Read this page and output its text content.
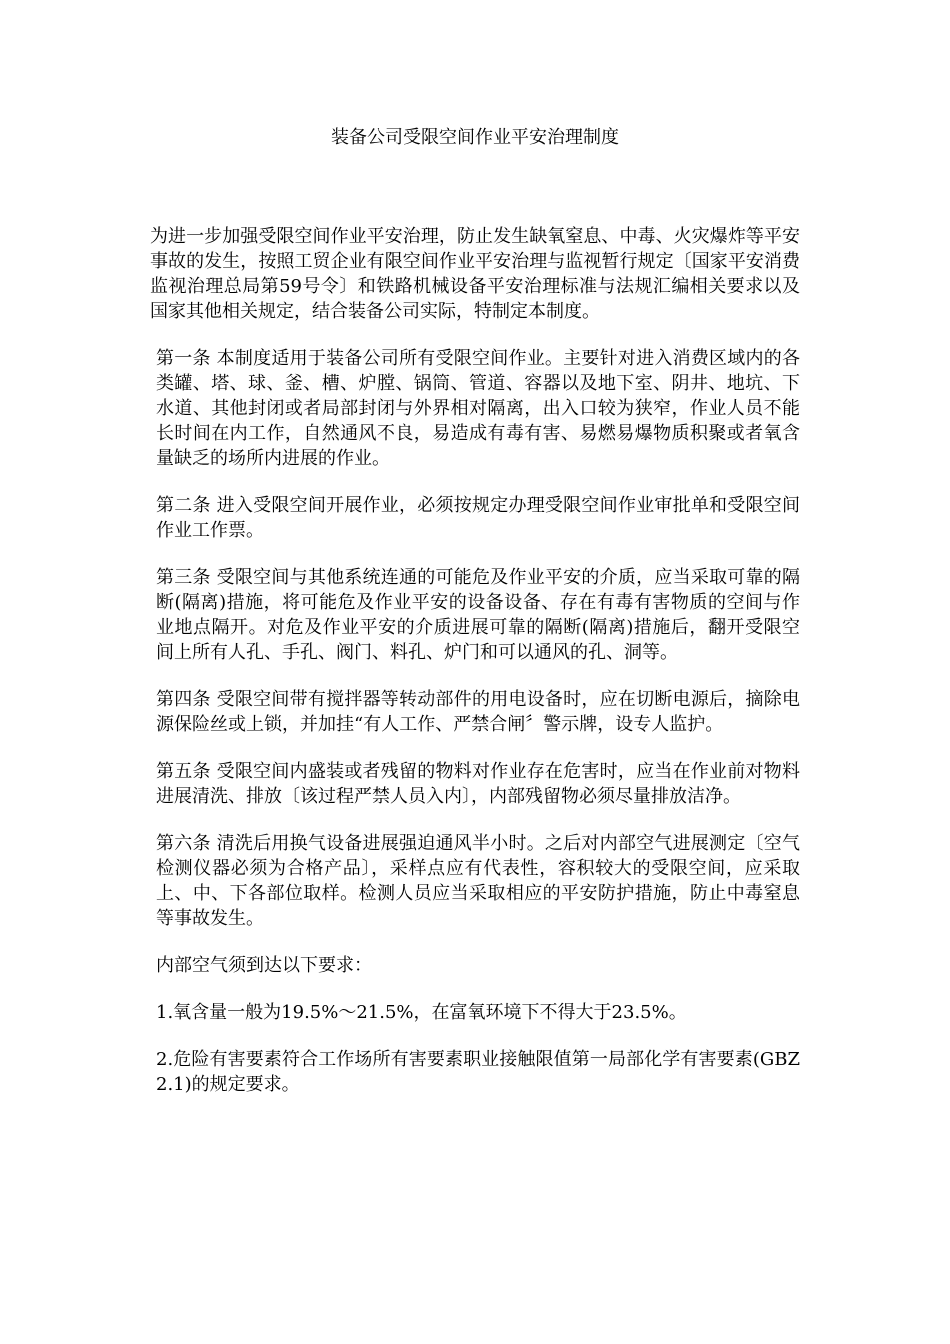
装备公司受限空间作业平安治理制度

为进一步加强受限空间作业平安治理，防止发生缺氧窒息、中毒、火灾爆炸等平安事故的发生，按照工贸企业有限空间作业平安治理与监视暂行规定〔国家平安消费监视治理总局第59号令〕和铁路机械设备平安治理标准与法规汇编相关要求以及国家其他相关规定，结合装备公司实际，特制定本制度。

第一条 本制度适用于装备公司所有受限空间作业。主要针对进入消费区域内的各类罐、塔、球、釜、槽、炉膛、锅筒、管道、容器以及地下室、阴井、地坑、下水道、其他封闭或者局部封闭与外界相对隔离，出入口较为狭窄，作业人员不能长时间在内工作，自然通风不良，易造成有毒有害、易燃易爆物质积聚或者氧含量缺乏的场所内进展的作业。

第二条 进入受限空间开展作业，必须按规定办理受限空间作业审批单和受限空间作业工作票。

第三条 受限空间与其他系统连通的可能危及作业平安的介质，应当采取可靠的隔断(隔离)措施，将可能危及作业平安的设备设备、存在有毒有害物质的空间与作业地点隔开。对危及作业平安的介质进展可靠的隔断(隔离)措施后，翻开受限空间上所有人孔、手孔、阀门、料孔、炉门和可以通风的孔、洞等。

第四条 受限空间带有搅拌器等转动部件的用电设备时，应在切断电源后，摘除电源保险丝或上锁，并加挂“有人工作、严禁合闸〞警示牌，设专人监护。

第五条 受限空间内盛装或者残留的物料对作业存在危害时，应当在作业前对物料进展清洗、排放〔该过程严禁人员入内〕，内部残留物必须尽量排放洁净。

第六条 清洗后用换气设备进展强迫通风半小时。之后对内部空气进展测定〔空气检测仪器必须为合格产品〕，采样点应有代表性，容积较大的受限空间，应采取上、中、下各部位取样。检测人员应当采取相应的平安防护措施，防止中毒窒息等事故发生。

内部空气须到达以下要求：

1.氧含量一般为19.5%～21.5%，在富氧环境下不得大于23.5%。

2.危险有害要素符合工作场所有害要素职业接触限值第一局部化学有害要素(GBZ2.1)的规定要求。
